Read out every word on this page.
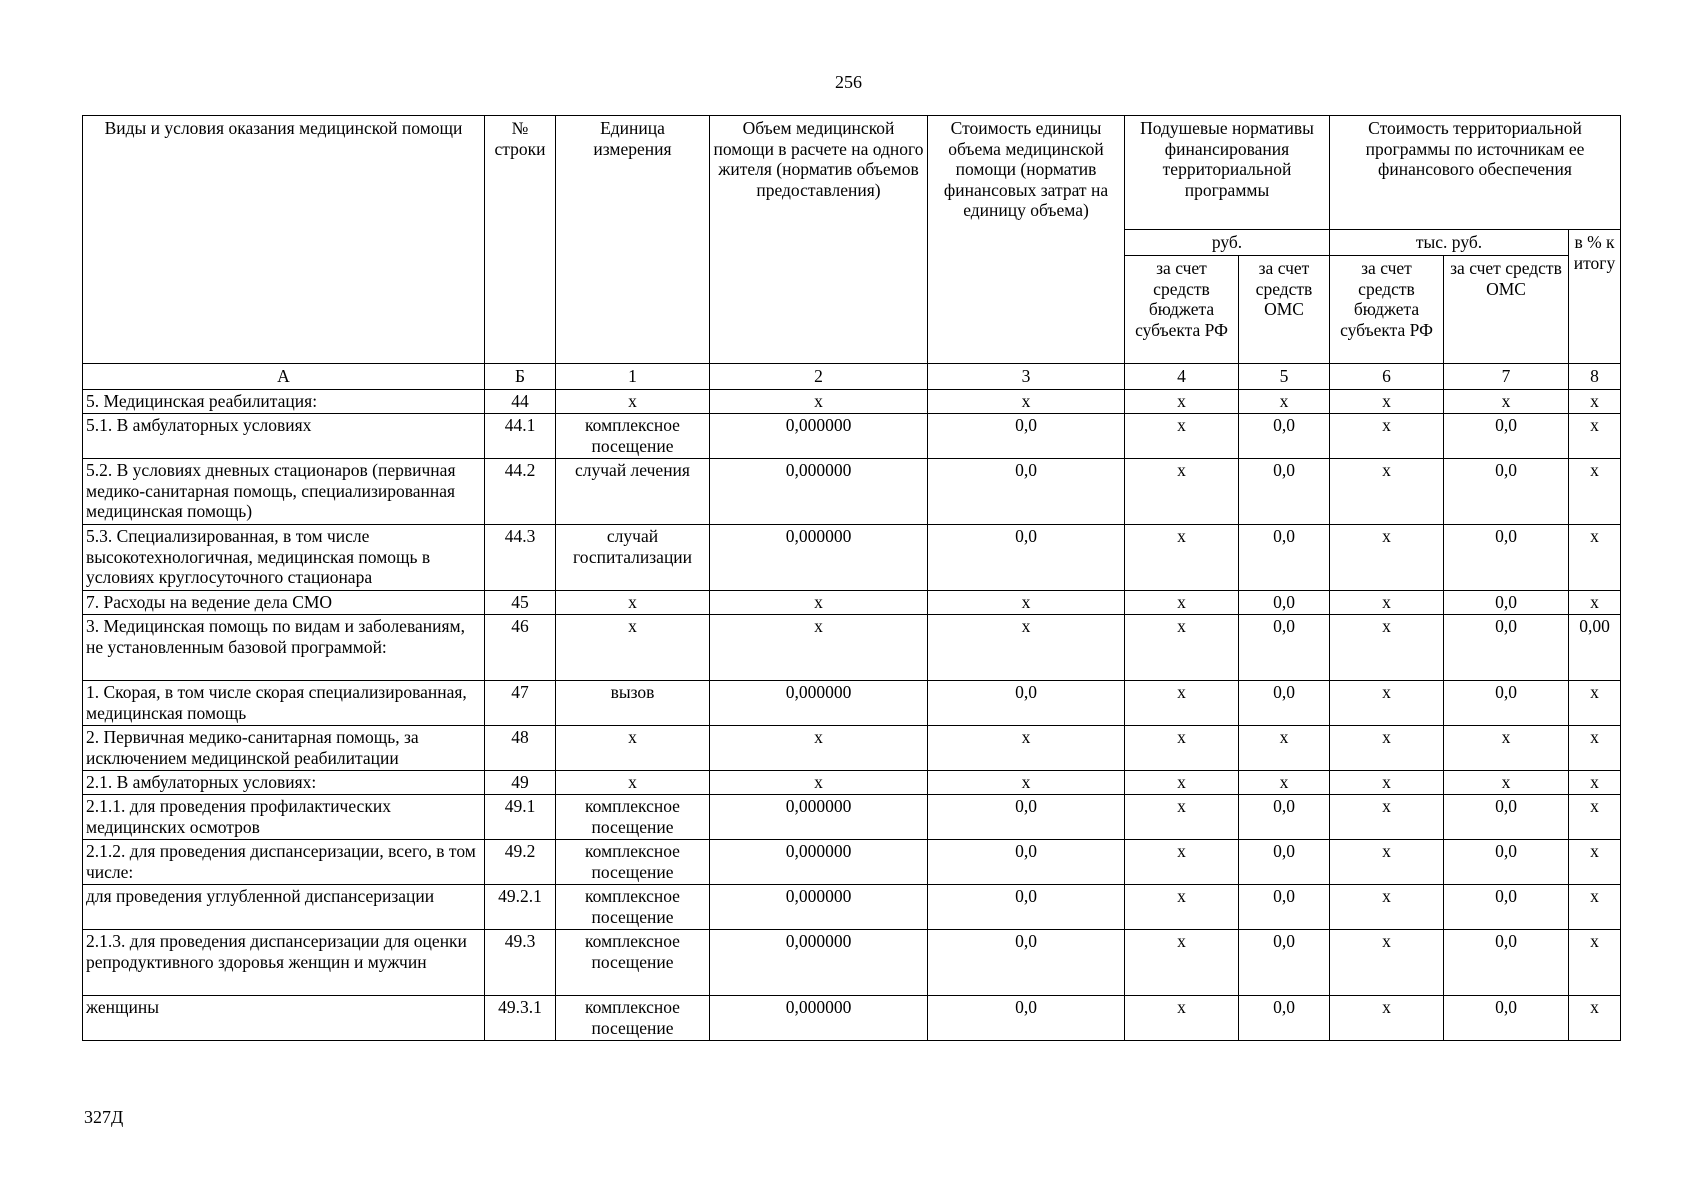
256
Виды и условия оказания медицинской помощи	№ строки	Единица измерения	Объем медицинской помощи в расчете на одного жителя (норматив объемов предоставления)	Стоимость единицы объема медицинской помощи (норматив финансовых затрат на единицу объема)	Подушевые нормативы финансирования территориальной программы		Стоимость территориальной программы по источникам ее финансового обеспечения		
					руб.		тыс. руб.		в % к итогу
					за счет средств бюджета субъекта РФ	за счет средств ОМС	за счет средств бюджета субъекта РФ	за счет средств ОМС	
А	Б	1	2	3	4	5	6	7	8
5. Медицинская реабилитация:	44	х	х	х	х	х	х	х	х
5.1. В амбулаторных условиях	44.1	комплексное посещение	0,000000	0,0	х	0,0	х	0,0	х
5.2. В условиях дневных стационаров (первичная медико-санитарная помощь, специализированная медицинская помощь)	44.2	случай лечения	0,000000	0,0	х	0,0	х	0,0	х
5.3. Специализированная, в том числе высокотехнологичная, медицинская помощь в условиях круглосуточного стационара	44.3	случай госпитализации	0,000000	0,0	х	0,0	х	0,0	х
7. Расходы на ведение дела СМО	45	х	х	х	х	0,0	х	0,0	х
3. Медицинская помощь по видам и заболеваниям, не установленным базовой программой:	46	х	х	х	х	0,0	х	0,0	0,00
1. Скорая, в том числе скорая специализированная, медицинская помощь	47	вызов	0,000000	0,0	х	0,0	х	0,0	х
2. Первичная медико-санитарная помощь, за исключением медицинской реабилитации	48	х	х	х	х	х	х	х	х
2.1. В амбулаторных условиях:	49	х	х	х	х	х	х	х	х
2.1.1. для проведения профилактических медицинских осмотров	49.1	комплексное посещение	0,000000	0,0	х	0,0	х	0,0	х
2.1.2. для проведения диспансеризации, всего, в том числе:	49.2	комплексное посещение	0,000000	0,0	х	0,0	х	0,0	х
для проведения углубленной диспансеризации	49.2.1	комплексное посещение	0,000000	0,0	х	0,0	х	0,0	х
2.1.3. для проведения диспансеризации для оценки репродуктивного здоровья женщин и мужчин	49.3	комплексное посещение	0,000000	0,0	х	0,0	х	0,0	х
женщины	49.3.1	комплексное посещение	0,000000	0,0	х	0,0	х	0,0	х
327Д
